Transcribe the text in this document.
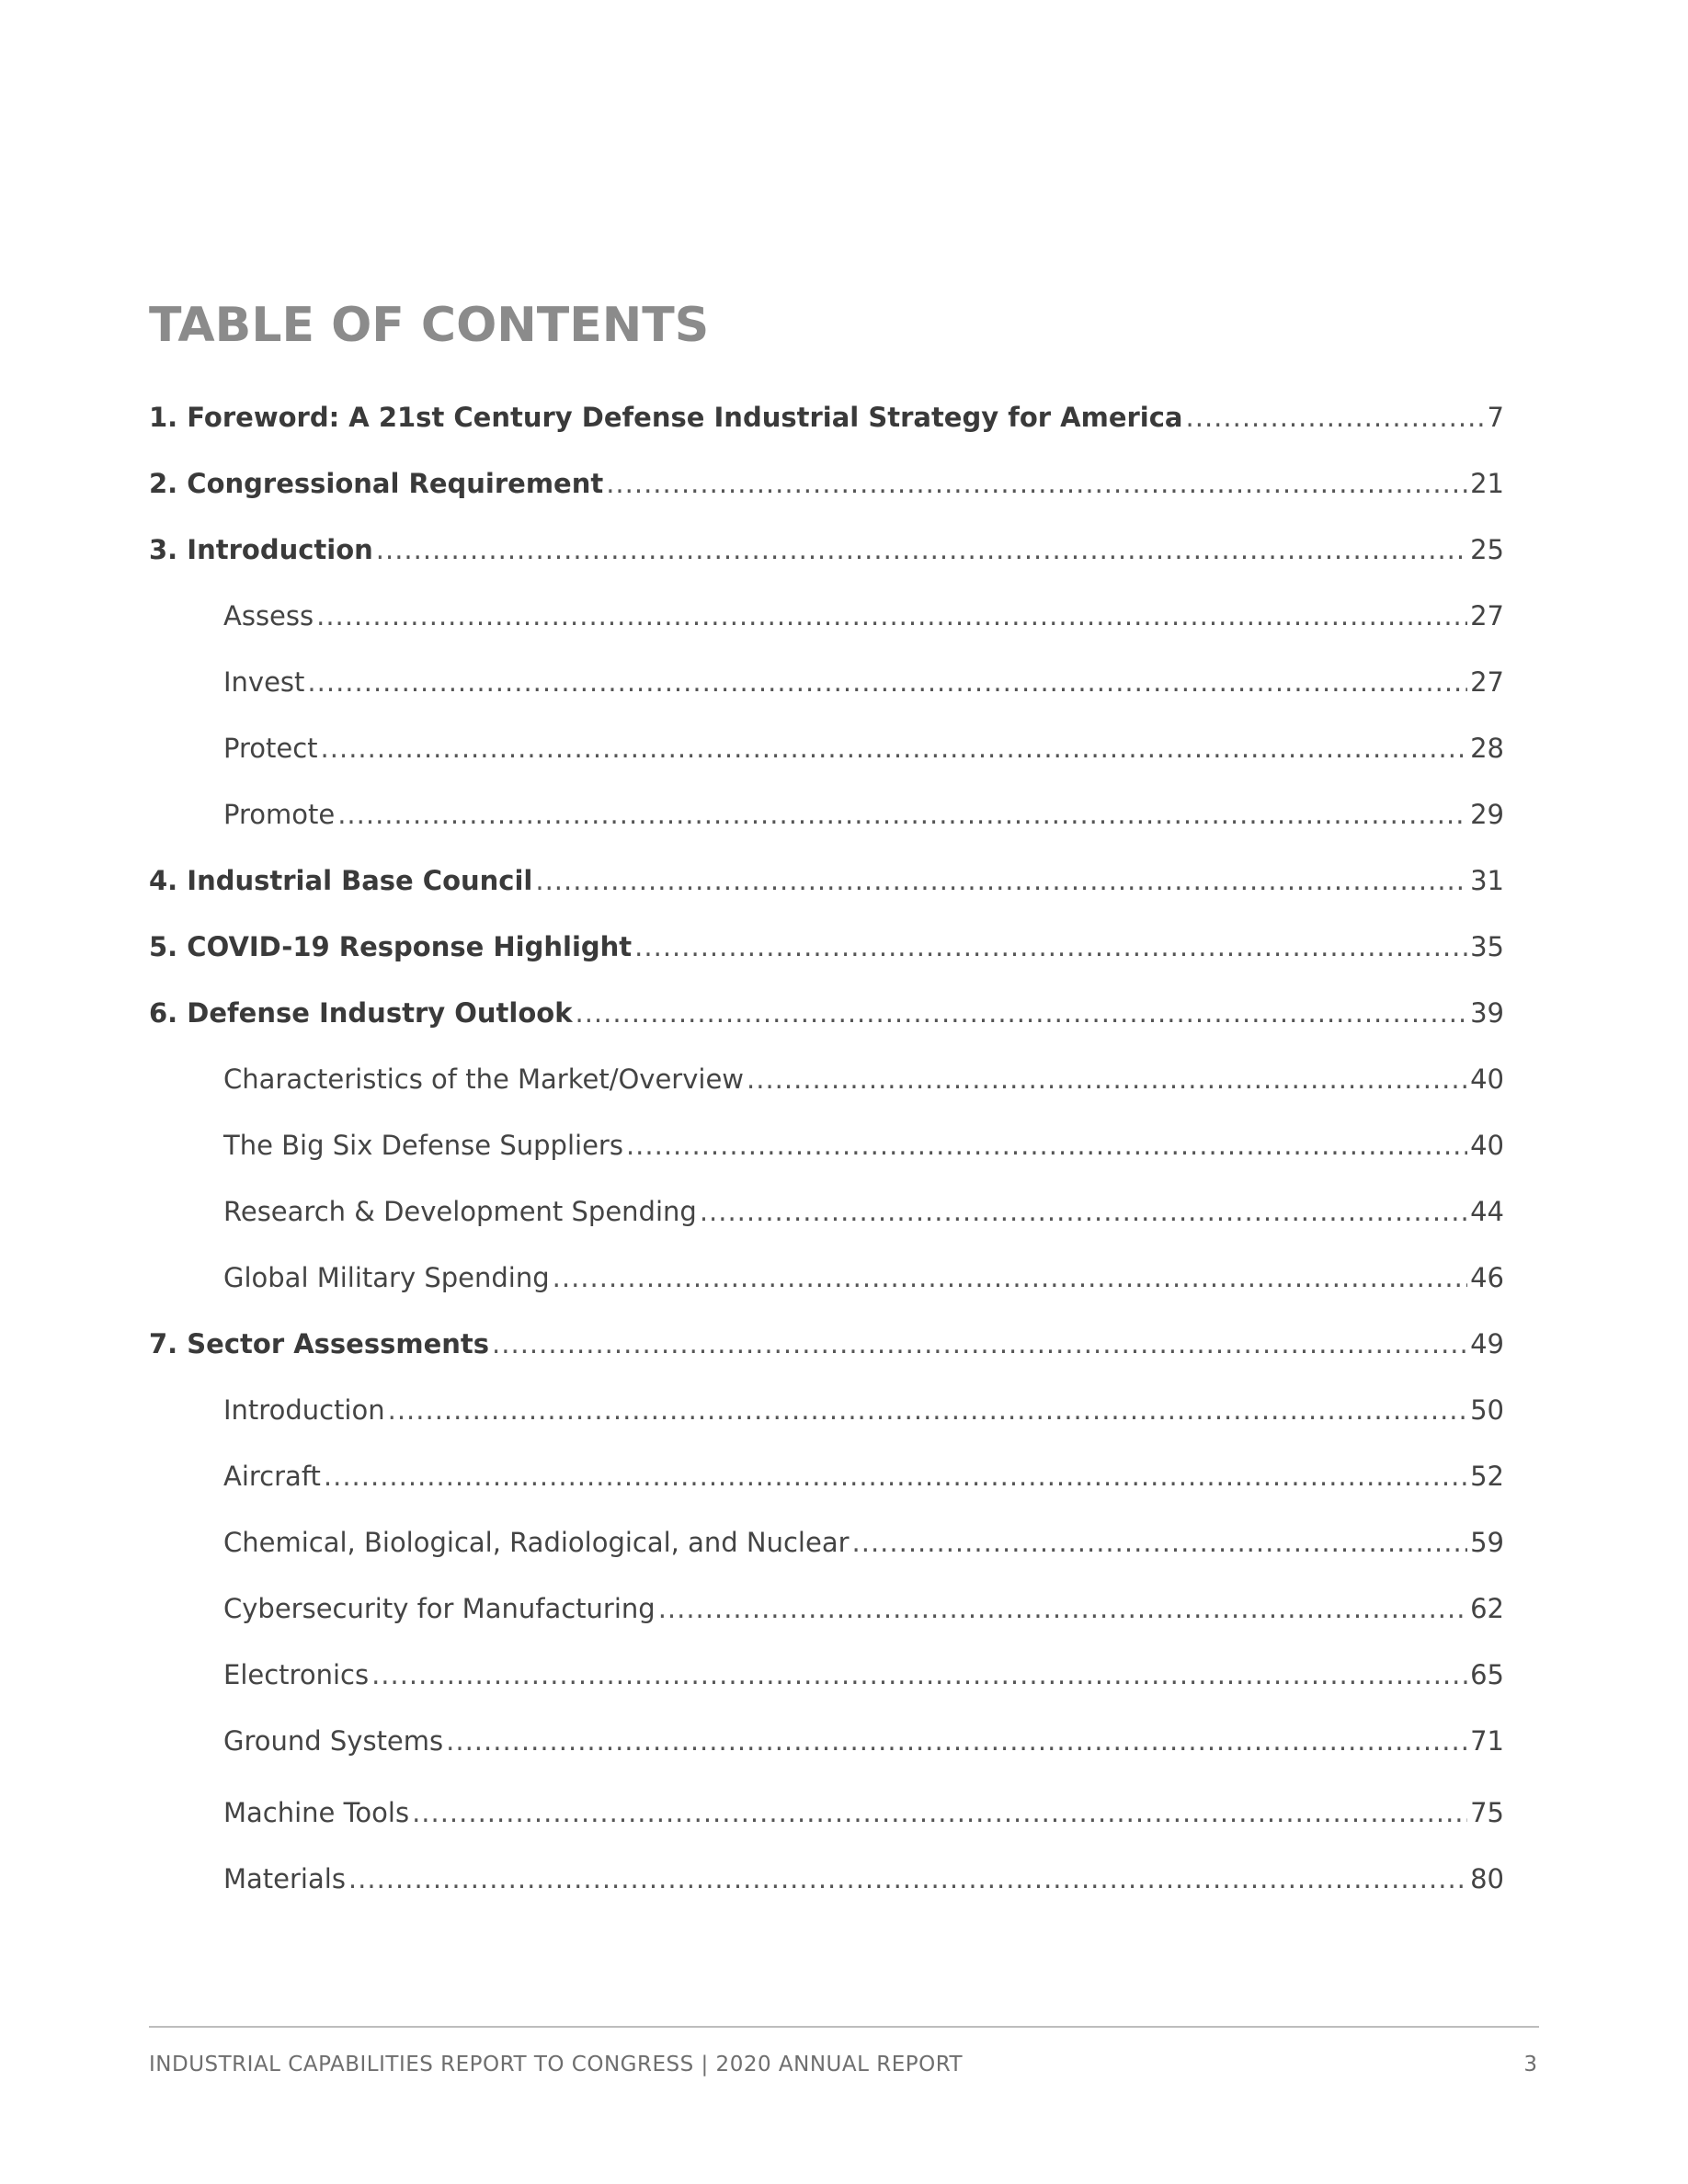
TABLE OF CONTENTS
1. Foreword: A 21st Century Defense Industrial Strategy for America .....	7
2. Congressional Requirement .....	21
3. Introduction .....	25
Assess .....	27
Invest .....	27
Protect .....	28
Promote .....	29
4. Industrial Base Council .....	31
5. COVID-19 Response Highlight .....	35
6. Defense Industry Outlook .....	39
Characteristics of the Market/Overview .....	40
The Big Six Defense Suppliers .....	40
Research & Development Spending .....	44
Global Military Spending .....	46
7. Sector Assessments .....	49
Introduction .....	50
Aircraft .....	52
Chemical, Biological, Radiological, and Nuclear .....	59
Cybersecurity for Manufacturing .....	62
Electronics .....	65
Ground Systems .....	71
Machine Tools .....	75
Materials .....	80
INDUSTRIAL CAPABILITIES REPORT TO CONGRESS | 2020 ANNUAL REPORT	3
